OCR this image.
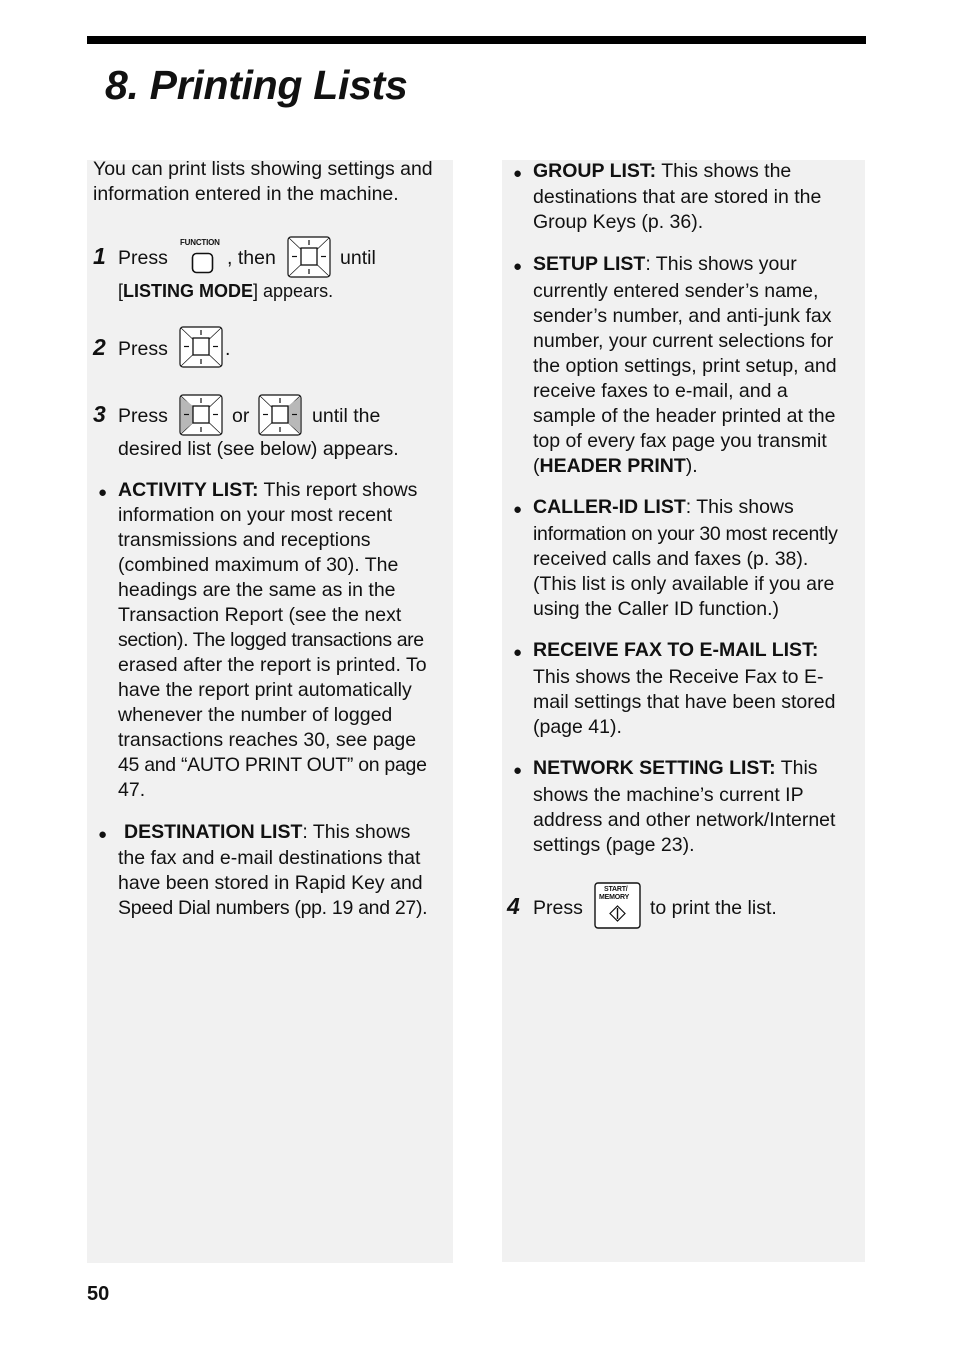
8. Printing Lists
You can print lists showing settings and
information entered in the machine.
1 Press
FUNCTION
, then	until
[LISTING MODE] appears.
2 Press	.
3 Press	or	until the
desired list (see below) appears.
● ACTIVITY LIST: This report shows
information on your most recent
transmissions and receptions
(combined maximum of 30). The
headings are the same as in the
Transaction Report (see the next
section). The logged transactions are
erased after the report is printed. To
have the report print automatically
whenever the number of logged
transactions reaches 30, see page
45 and “AUTO PRINT OUT” on page
47.
● DESTINATION LIST: This shows
the fax and e-mail destinations that
have been stored in Rapid Key and
Speed Dial numbers (pp. 19 and 27).
● GROUP LIST: This shows the
destinations that are stored in the
Group Keys (p. 36).
● SETUP LIST: This shows your
currently entered sender’s name,
sender’s number, and anti-junk fax
number, your current selections for
the option settings, print setup, and
receive faxes to e-mail, and a
sample of the header printed at the
top of every fax page you transmit
(HEADER PRINT).
● CALLER-ID LIST: This shows
information on your 30 most recently
received calls and faxes (p. 38).
(This list is only available if you are
using the Caller ID function.)
● RECEIVE FAX TO E-MAIL LIST:
This shows the Receive Fax to E-
mail settings that have been stored
(page 41).
● NETWORK SETTING LIST: This
shows the machine’s current IP
address and other network/Internet
settings (page 23).
4 Press
START/
MEMORY to print the list.
50
